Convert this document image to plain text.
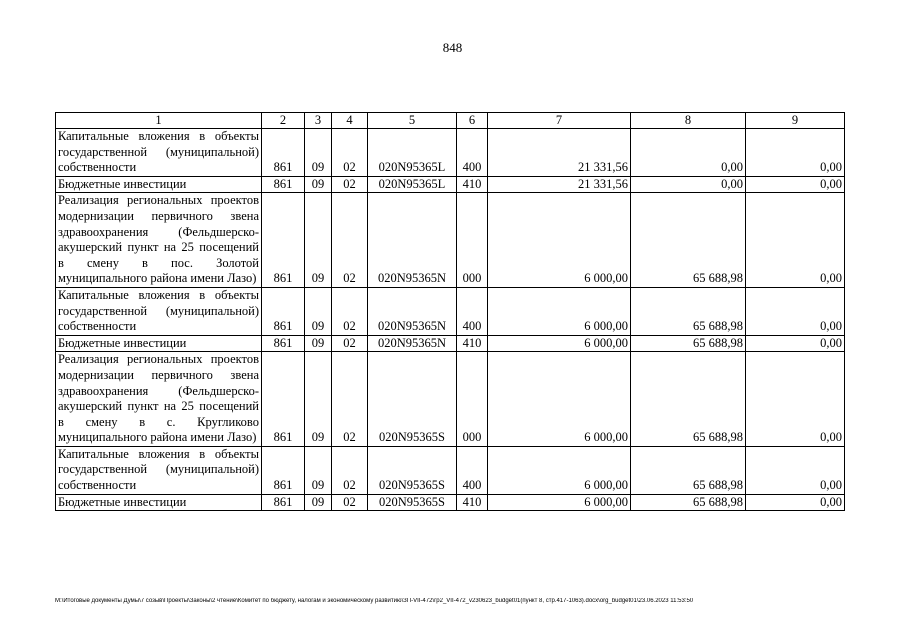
848
1	2	3	4	5	6	7	8	9
Капитальные вложения в объекты государственной (муниципальной) собственности	861	09	02	020N95365L	400	21 331,56	0,00	0,00
Бюджетные инвестиции	861	09	02	020N95365L	410	21 331,56	0,00	0,00
Реализация региональных проектов модернизации первичного звена здравоохранения (Фельдшерско-акушерский пункт на 25 посещений в смену в пос. Золотой муниципального района имени Лазо)	861	09	02	020N95365N	000	6 000,00	65 688,98	0,00
Капитальные вложения в объекты государственной (муниципальной) собственности	861	09	02	020N95365N	400	6 000,00	65 688,98	0,00
Бюджетные инвестиции	861	09	02	020N95365N	410	6 000,00	65 688,98	0,00
Реализация региональных проектов модернизации первичного звена здравоохранения (Фельдшерско-акушерский пункт на 25 посещений в смену в с. Кругликово муниципального района имени Лазо)	861	09	02	020N95365S	000	6 000,00	65 688,98	0,00
Капитальные вложения в объекты государственной (муниципальной) собственности	861	09	02	020N95365S	400	6 000,00	65 688,98	0,00
Бюджетные инвестиции	861	09	02	020N95365S	410	6 000,00	65 688,98	0,00
M:\Итоговые документы Думы\7 созыв\Проекты\Законы\2 чтение\Комитет по бюджету, налогам и экономическому развитию\ЗП-VII-472\гр2_VII-472_v230623_budget01(пункт 8, стр.417-1063).docx\org_budget01\23.06.2023 11:53:50
